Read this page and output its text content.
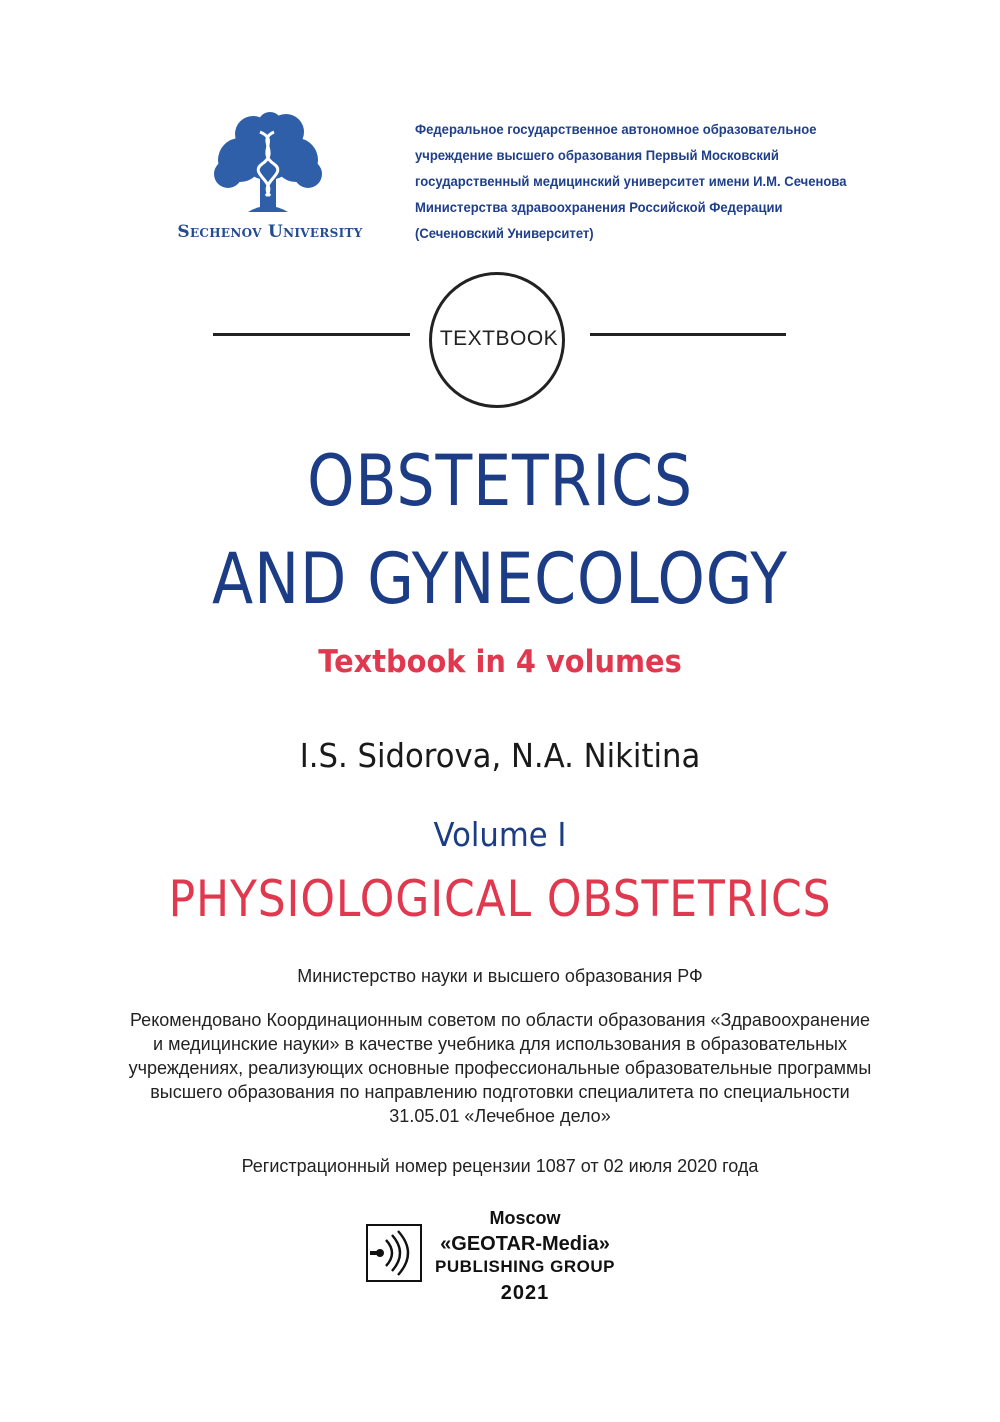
Sechenov University
Федеральное государственное автономное образовательное
учреждение высшего образования Первый Московский
государственный медицинский университет имени И.М. Сеченова
Министерства здравоохранения Российской Федерации
(Сеченовский Университет)
TEXTBOOK
OBSTETRICS
AND GYNECOLOGY
Textbook in 4 volumes
I.S. Sidorova, N.A. Nikitina
Volume I
PHYSIOLOGICAL OBSTETRICS
Министерство науки и высшего образования РФ
Рекомендовано Координационным советом по области образования «Здравоохранение
и медицинские науки» в качестве учебника для использования в образовательных
учреждениях, реализующих основные профессиональные образовательные программы
высшего образования по направлению подготовки специалитета по специальности
31.05.01 «Лечебное дело»
Регистрационный номер рецензии 1087 от 02 июля 2020 года
Moscow
«GEOTAR-Media»
PUBLISHING GROUP
2021
